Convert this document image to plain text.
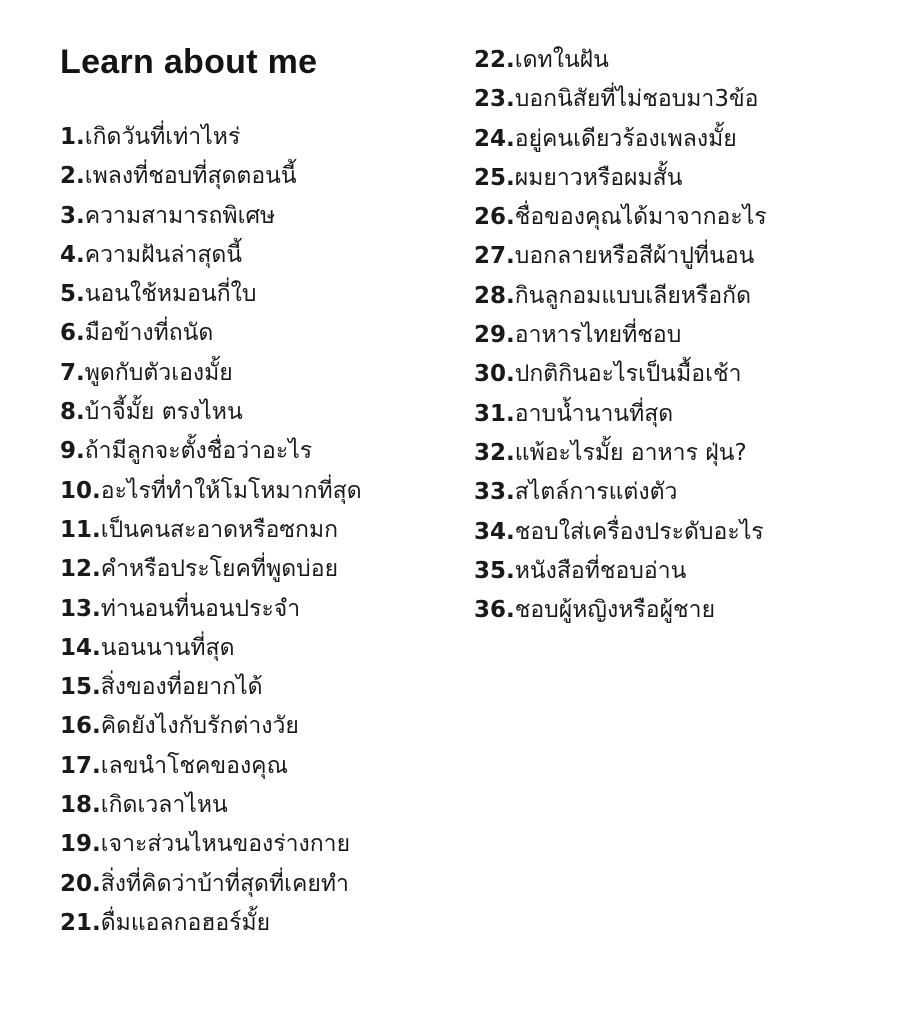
Learn about me
1.เกิดวันที่เท่าไหร่
2.เพลงที่ชอบที่สุดตอนนี้
3.ความสามารถพิเศษ
4.ความฝันล่าสุดนี้
5.นอนใช้หมอนกี่ใบ
6.มือข้างที่ถนัด
7.พูดกับตัวเองมั้ย
8.บ้าจี้มั้ย ตรงไหน
9.ถ้ามีลูกจะตั้งชื่อว่าอะไร
10.อะไรที่ทำให้โมโหมากที่สุด
11.เป็นคนสะอาดหรือซกมก
12.คำหรือประโยคที่พูดบ่อย
13.ท่านอนที่นอนประจำ
14.นอนนานที่สุด
15.สิ่งของที่อยากได้
16.คิดยังไงกับรักต่างวัย
17.เลขนำโชคของคุณ
18.เกิดเวลาไหน
19.เจาะส่วนไหนของร่างกาย
20.สิ่งที่คิดว่าบ้าที่สุดที่เคยทำ
21.ดื่มแอลกอฮอร์มั้ย
22.เดทในฝัน
23.บอกนิสัยที่ไม่ชอบมา3ข้อ
24.อยู่คนเดียวร้องเพลงมั้ย
25.ผมยาวหรือผมสั้น
26.ชื่อของคุณได้มาจากอะไร
27.บอกลายหรือสีผ้าปูที่นอน
28.กินลูกอมแบบเลียหรือกัด
29.อาหารไทยที่ชอบ
30.ปกติกินอะไรเป็นมื้อเช้า
31.อาบน้ำนานที่สุด
32.แพ้อะไรมั้ย อาหาร ฝุ่น?
33.สไตล์การแต่งตัว
34.ชอบใส่เครื่องประดับอะไร
35.หนังสือที่ชอบอ่าน
36.ชอบผู้หญิงหรือผู้ชาย
